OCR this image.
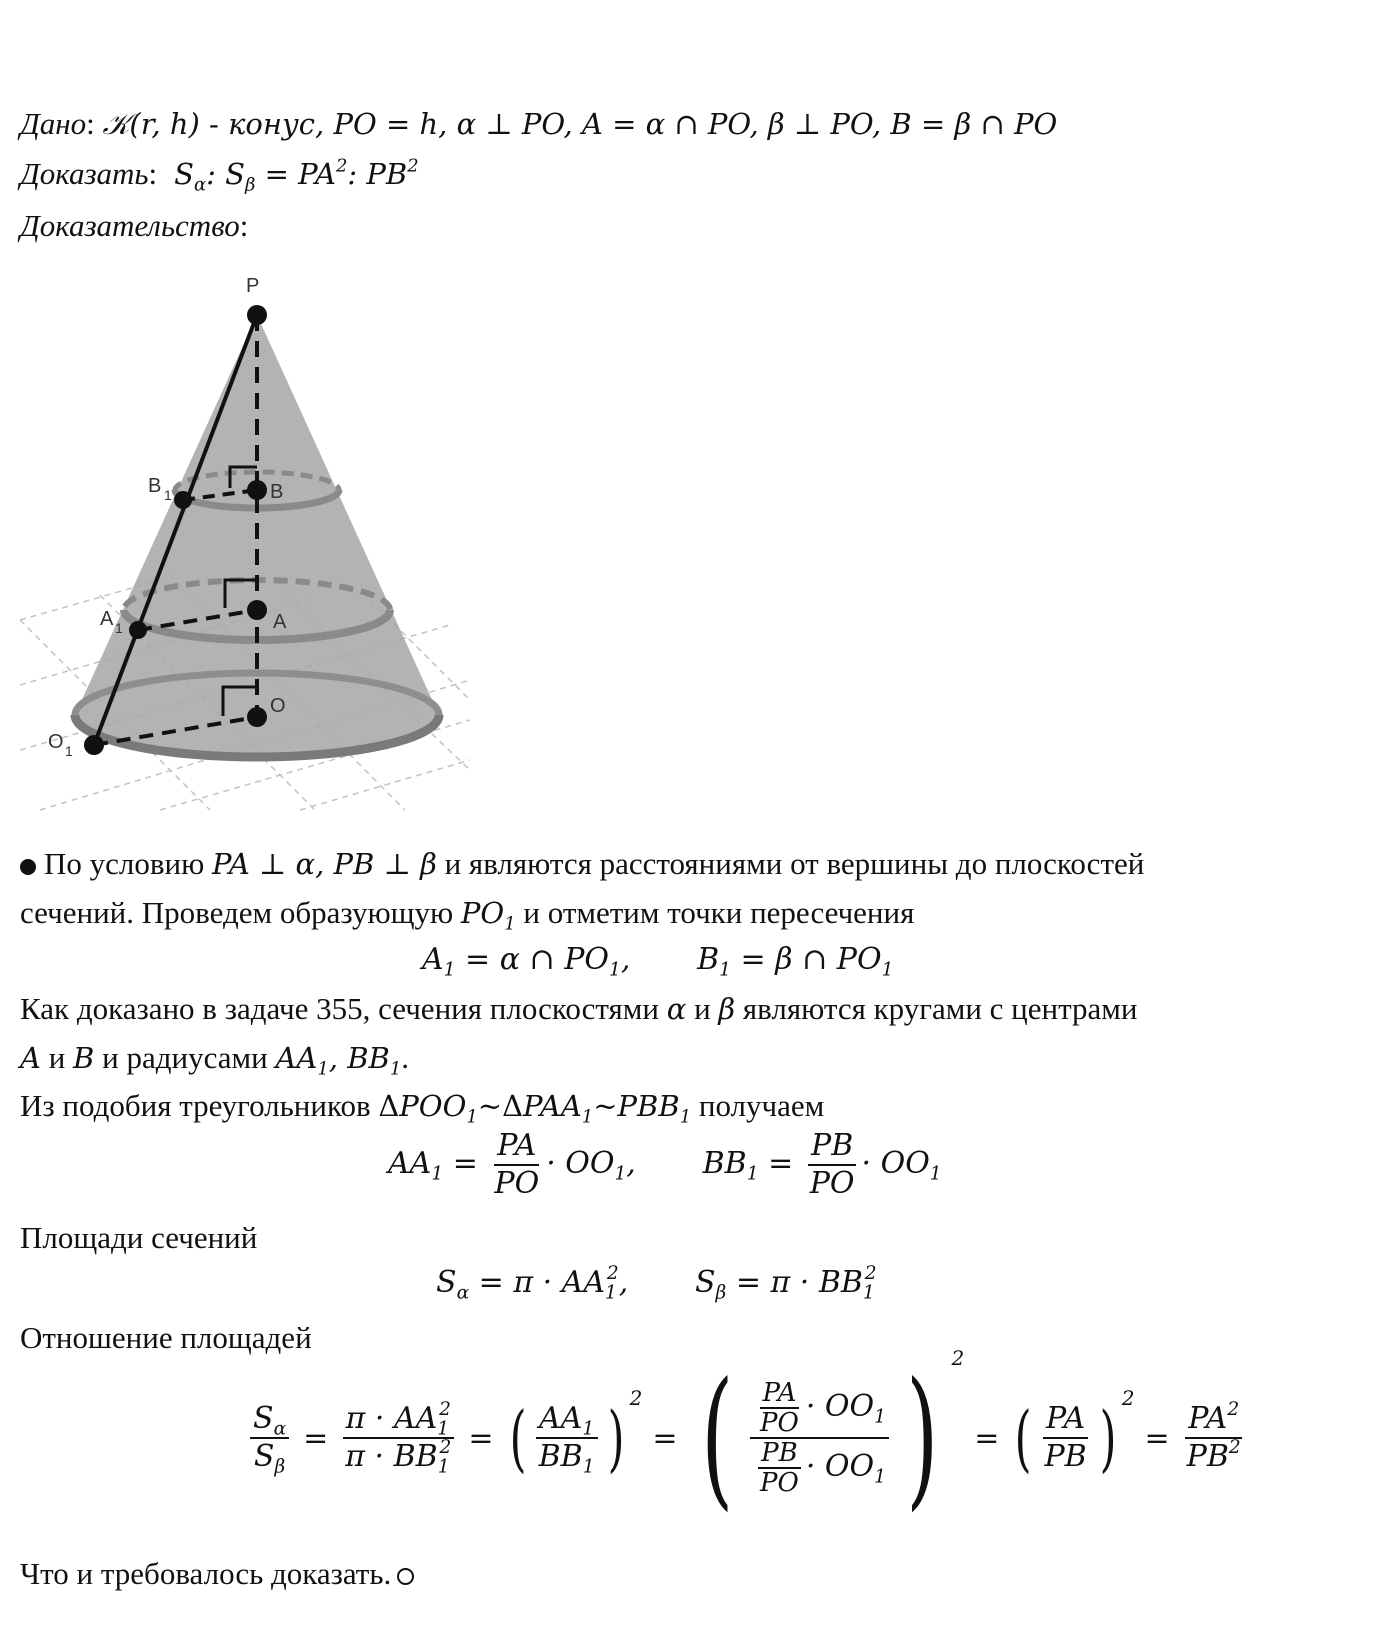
Дано: 𝒦(r, h) - конус, PO = h, α ⊥ PO, A = α ∩ PO, β ⊥ PO, B = β ∩ PO
Доказать:  $S_\alpha$: $S_\beta = PA^2$: $PB^2$
Доказательство:
P
B 1	B
A 1	A
O 1
O
По условию PA ⊥ α, PB ⊥ β и являются расстояниями от вершины до плоскостей
сечений. Проведем образующую $PO_1$ и отметим точки пересечения
$A_1 = \alpha$ ∩ $PO_1$,       $B_1 = \beta$ ∩ $PO_1$
Как доказано в задаче 355, сечения плоскостями α и β являются кругами с центрами
A и B и радиусами $AA_1$, $BB_1$.
Из подобия треугольников $\Delta POO_1\sim\Delta PAA_1\sim PBB_1$ получаем
$AA_1 = \frac{PA}{PO} \cdot OO_1$,       $BB_1 = \frac{PB}{PO} \cdot OO_1$
Площади сечений
$S_\alpha = \pi \cdot AA_1^2$,       $S_\beta = \pi \cdot BB_1^2$
Отношение площадей
$\frac{S_\alpha}{S_\beta} = \frac{\pi \cdot AA_1^2}{\pi \cdot BB_1^2}$ = ( $\frac{AA_1}{BB_1}$ ) 2
= ( $\frac{\frac{PA}{PO} \cdot OO_1}{\frac{PB}{PO} \cdot OO_1}$ ) 2
= ( $\frac{PA}{PB}$ ) 2
= $\frac{PA^2}{PB^2}$
Что и требовалось доказать.
